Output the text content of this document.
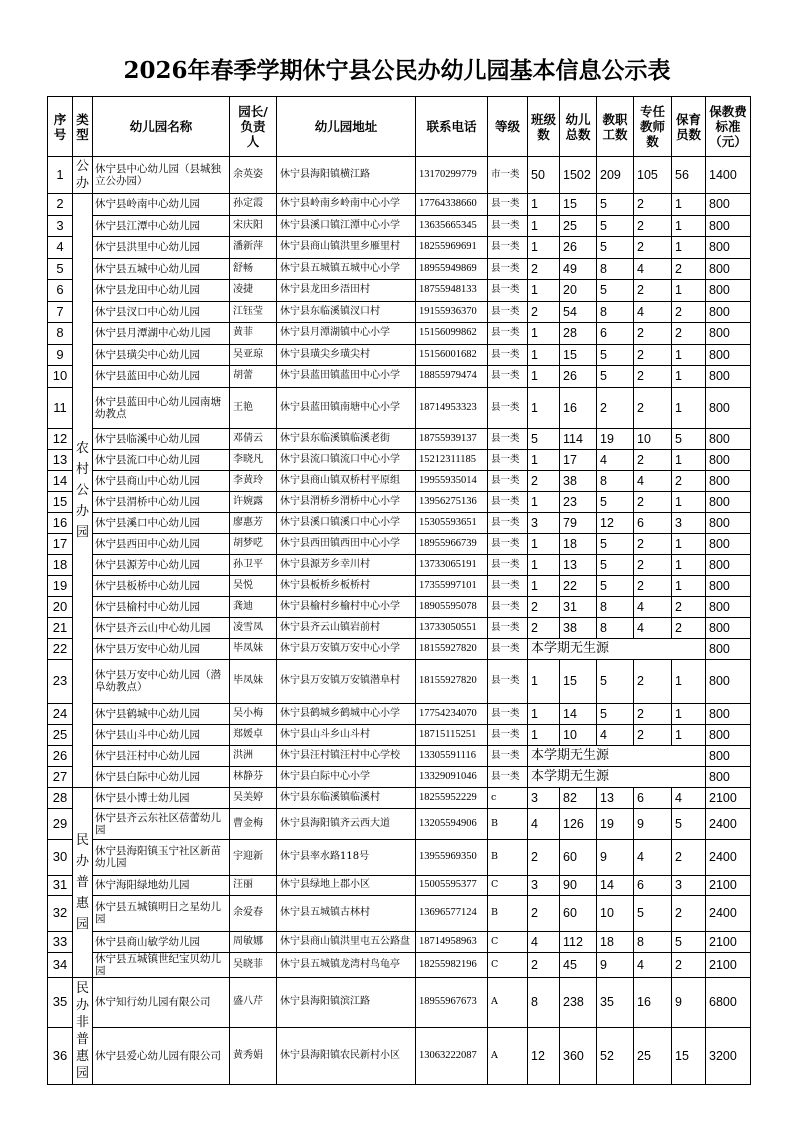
2026年春季学期休宁县公民办幼儿园基本信息公示表
序号	类型	幼儿园名称	园长/负责人	幼儿园地址	联系电话	等级	班级数	幼儿总数	教职工数	专任教师数	保育员数	保教费标准（元）
1	公办	休宁县中心幼儿园（县城独立公办园）	余英姿	休宁县海阳镇横江路	13170299779	市一类	50	1502	209	105	56	1400
2	农村公办园	休宁县岭南中心幼儿园	孙定霞	休宁县岭南乡岭南中心小学	17764338660	县一类	1	15	5	2	1	800
3		休宁县江潭中心幼儿园	宋庆阳	休宁县溪口镇江潭中心小学	13635665345	县一类	1	25	5	2	1	800
4		休宁县洪里中心幼儿园	潘新萍	休宁县商山镇洪里乡雁里村	18255969691	县一类	1	26	5	2	1	800
5		休宁县五城中心幼儿园	舒畅	休宁县五城镇五城中心小学	18955949869	县一类	2	49	8	4	2	800
6		休宁县龙田中心幼儿园	凌捷	休宁县龙田乡浯田村	18755948133	县一类	1	20	5	2	1	800
7		休宁县汊口中心幼儿园	江钰莹	休宁县东临溪镇汊口村	19155936370	县一类	2	54	8	4	2	800
8		休宁县月潭湖中心幼儿园	黄菲	休宁县月潭湖镇中心小学	15156099862	县一类	1	28	6	2	2	800
9		休宁县璜尖中心幼儿园	吴亚琼	休宁县璜尖乡璜尖村	15156001682	县一类	1	15	5	2	1	800
10		休宁县蓝田中心幼儿园	胡蕾	休宁县蓝田镇蓝田中心小学	18855979474	县一类	1	26	5	2	1	800
11		休宁县蓝田中心幼儿园南塘幼教点	王艳	休宁县蓝田镇南塘中心小学	18714953323	县一类	1	16	2	2	1	800
12		休宁县临溪中心幼儿园	邓倩云	休宁县东临溪镇临溪老街	18755939137	县一类	5	114	19	10	5	800
13		休宁县流口中心幼儿园	李晓凡	休宁县流口镇流口中心小学	15212311185	县一类	1	17	4	2	1	800
14		休宁县商山中心幼儿园	李黄玲	休宁县商山镇双桥村平原组	19955935014	县一类	2	38	8	4	2	800
15		休宁县渭桥中心幼儿园	许婉露	休宁县渭桥乡渭桥中心小学	13956275136	县一类	1	23	5	2	1	800
16		休宁县溪口中心幼儿园	廖惠芳	休宁县溪口镇溪口中心小学	15305593651	县一类	3	79	12	6	3	800
17		休宁县西田中心幼儿园	胡梦呓	休宁县西田镇西田中心小学	18955966739	县一类	1	18	5	2	1	800
18		休宁县源芳中心幼儿园	孙卫平	休宁县源芳乡幸川村	13733065191	县一类	1	13	5	2	1	800
19		休宁县板桥中心幼儿园	吴悦	休宁县板桥乡板桥村	17355997101	县一类	1	22	5	2	1	800
20		休宁县榆村中心幼儿园	龚迪	休宁县榆村乡榆村中心小学	18905595078	县一类	2	31	8	4	2	800
21		休宁县齐云山中心幼儿园	凌雪凤	休宁县齐云山镇岩前村	13733050551	县一类	2	38	8	4	2	800
22		休宁县万安中心幼儿园	毕凤妹	休宁县万安镇万安中心小学	18155927820	县一类	本学期无生源					800
23		休宁县万安中心幼儿园（潜阜幼教点）	毕凤妹	休宁县万安镇万安镇潜阜村	18155927820	县一类	1	15	5	2	1	800
24		休宁县鹤城中心幼儿园	吴小梅	休宁县鹤城乡鹤城中心小学	17754234070	县一类	1	14	5	2	1	800
25		休宁县山斗中心幼儿园	郑媛卓	休宁县山斗乡山斗村	18715115251	县一类	1	10	4	2	1	800
26		休宁县汪村中心幼儿园	洪洲	休宁县汪村镇汪村中心学校	13305591116	县一类	本学期无生源					800
27		休宁县白际中心幼儿园	林静芬	休宁县白际中心小学	13329091046	县一类	本学期无生源					800
28	民办普惠园	休宁县小博士幼儿园	吴美婷	休宁县东临溪镇临溪村	18255952229	c	3	82	13	6	4	2100
29		休宁县齐云东社区蓓蕾幼儿园	曹金梅	休宁县海阳镇齐云西大道	13205594906	B	4	126	19	9	5	2400
30		休宁县海阳镇玉宁社区新苗幼儿园	宇迎新	休宁县率水路118号	13955969350	B	2	60	9	4	2	2400
31		休宁海阳绿地幼儿园	汪丽	休宁县绿地上郡小区	15005595377	C	3	90	14	6	3	2100
32		休宁县五城镇明日之星幼儿园	余爱春	休宁县五城镇古林村	13696577124	B	2	60	10	5	2	2400
33		休宁县商山敏学幼儿园	周敏娜	休宁县商山镇洪里屯五公路盘	18714958963	C	4	112	18	8	5	2100
34		休宁县五城镇世纪宝贝幼儿园	吴晓菲	休宁县五城镇龙湾村鸟龟亭	18255982196	C	2	45	9	4	2	2100
35	民办非普惠园	休宁知行幼儿园有限公司	盛八芹	休宁县海阳镇滨江路	18955967673	A	8	238	35	16	9	6800
36		休宁县爱心幼儿园有限公司	黄秀娟	休宁县海阳镇农民新村小区	13063222087	A	12	360	52	25	15	3200
